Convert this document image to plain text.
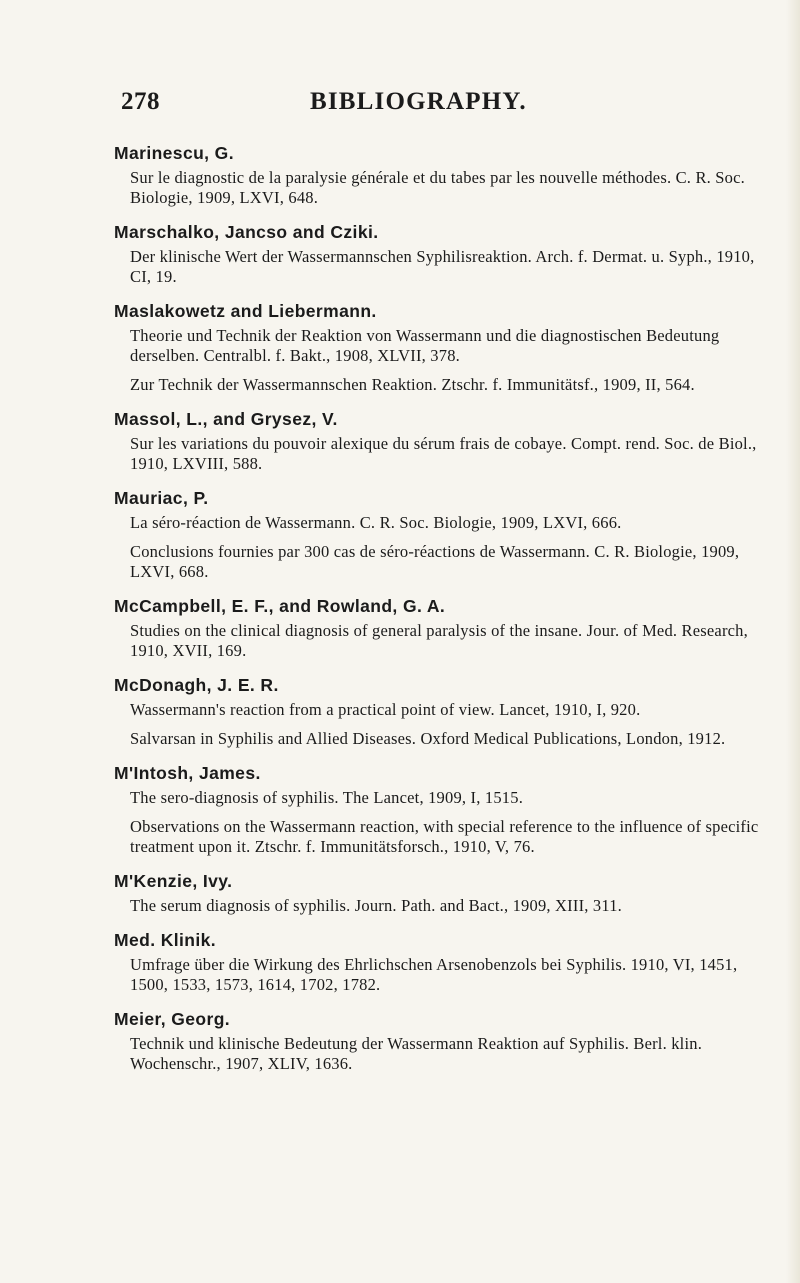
278	BIBLIOGRAPHY.
Marinescu, G.

Sur le diagnostic de la paralysie générale et du tabes par les nouvelle méthodes. C. R. Soc. Biologie, 1909, LXVI, 648.

Marschalko, Jancso and Cziki.

Der klinische Wert der Wassermannschen Syphilisreaktion. Arch. f. Dermat. u. Syph., 1910, CI, 19.

Maslakowetz and Liebermann.

Theorie und Technik der Reaktion von Wassermann und die diagnostischen Bedeutung derselben. Centralbl. f. Bakt., 1908, XLVII, 378.

Zur Technik der Wassermannschen Reaktion. Ztschr. f. Immunitätsf., 1909, II, 564.

Massol, L., and Grysez, V.

Sur les variations du pouvoir alexique du sérum frais de cobaye. Compt. rend. Soc. de Biol., 1910, LXVIII, 588.

Mauriac, P.

La séro-réaction de Wassermann. C. R. Soc. Biologie, 1909, LXVI, 666.

Conclusions fournies par 300 cas de séro-réactions de Wassermann. C. R. Biologie, 1909, LXVI, 668.

McCampbell, E. F., and Rowland, G. A.

Studies on the clinical diagnosis of general paralysis of the insane. Jour. of Med. Research, 1910, XVII, 169.

McDonagh, J. E. R.

Wassermann's reaction from a practical point of view. Lancet, 1910, I, 920.

Salvarsan in Syphilis and Allied Diseases. Oxford Medical Publications, London, 1912.

M'Intosh, James.

The sero-diagnosis of syphilis. The Lancet, 1909, I, 1515.

Observations on the Wassermann reaction, with special reference to the influence of specific treatment upon it. Ztschr. f. Immunitätsforsch., 1910, V, 76.

M'Kenzie, Ivy.

The serum diagnosis of syphilis. Journ. Path. and Bact., 1909, XIII, 311.

Med. Klinik.

Umfrage über die Wirkung des Ehrlichschen Arsenobenzols bei Syphilis. 1910, VI, 1451, 1500, 1533, 1573, 1614, 1702, 1782.

Meier, Georg.

Technik und klinische Bedeutung der Wassermann Reaktion auf Syphilis. Berl. klin. Wochenschr., 1907, XLIV, 1636.
